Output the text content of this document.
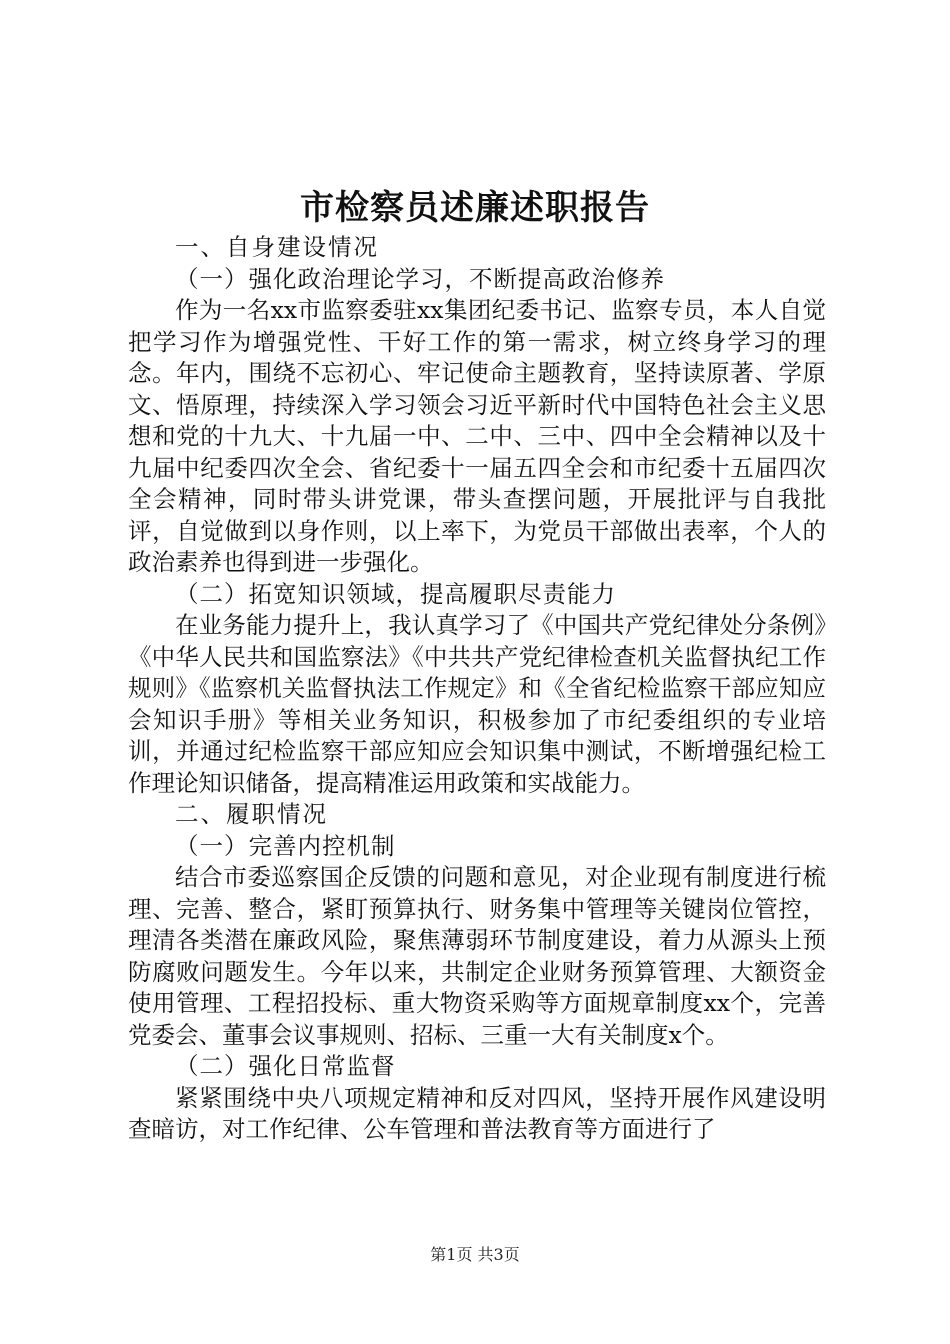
市检察员述廉述职报告

一、自身建设情况

（一）强化政治理论学习，不断提高政治修养

作为一名xx市监察委驻xx集团纪委书记、监察专员，本人自觉把学习作为增强党性、干好工作的第一需求，树立终身学习的理念。年内，围绕不忘初心、牢记使命主题教育，坚持读原著、学原文、悟原理，持续深入学习领会习近平新时代中国特色社会主义思想和党的十九大、十九届一中、二中、三中、四中全会精神以及十九届中纪委四次全会、省纪委十一届五四全会和市纪委十五届四次全会精神，同时带头讲党课，带头查摆问题，开展批评与自我批评，自觉做到以身作则，以上率下，为党员干部做出表率，个人的政治素养也得到进一步强化。

（二）拓宽知识领域，提高履职尽责能力

在业务能力提升上，我认真学习了《中国共产党纪律处分条例》《中华人民共和国监察法》《中共共产党纪律检查机关监督执纪工作规则》《监察机关监督执法工作规定》和《全省纪检监察干部应知应会知识手册》等相关业务知识，积极参加了市纪委组织的专业培训，并通过纪检监察干部应知应会知识集中测试，不断增强纪检工作理论知识储备，提高精准运用政策和实战能力。

二、履职情况

（一）完善内控机制

结合市委巡察国企反馈的问题和意见，对企业现有制度进行梳理、完善、整合，紧盯预算执行、财务集中管理等关键岗位管控，理清各类潜在廉政风险，聚焦薄弱环节制度建设，着力从源头上预防腐败问题发生。今年以来，共制定企业财务预算管理、大额资金使用管理、工程招投标、重大物资采购等方面规章制度xx个，完善党委会、董事会议事规则、招标、三重一大有关制度x个。

（二）强化日常监督

紧紧围绕中央八项规定精神和反对四风，坚持开展作风建设明查暗访，对工作纪律、公车管理和普法教育等方面进行了

第1页 共3页
